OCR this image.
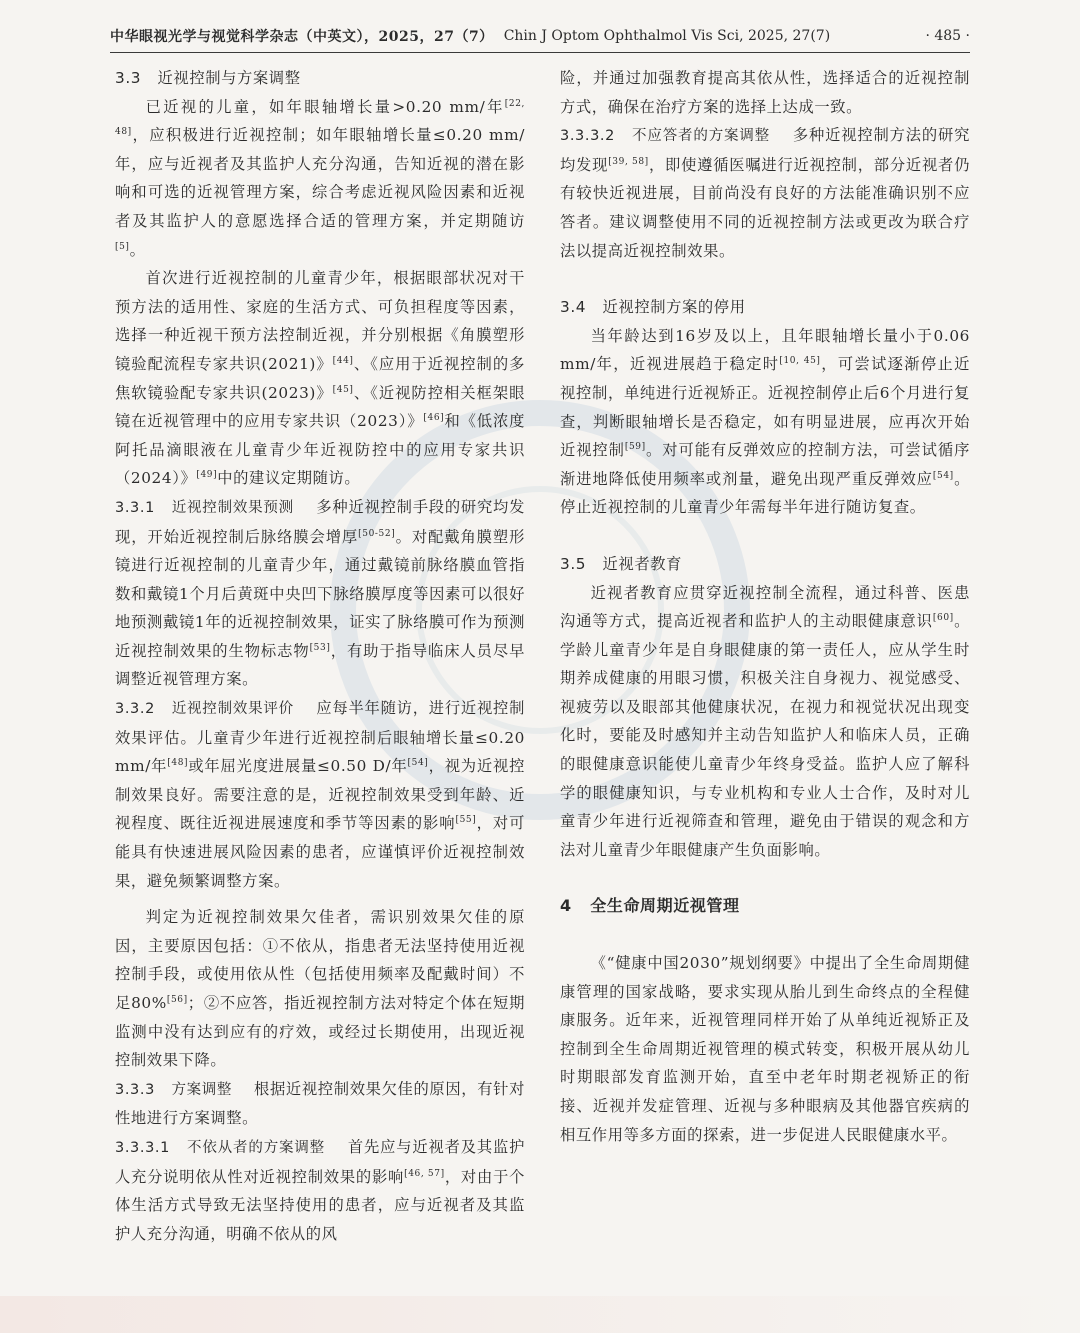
中华眼视光学与视觉科学杂志（中英文），2025，27（7） Chin J Optom Ophthalmol Vis Sci, 2025, 27(7)	· 485 ·

3.3 近视控制与方案调整

已近视的儿童，如年眼轴增长量>0.20 mm/年[22, 48]，应积极进行近视控制；如年眼轴增长量≤0.20 mm/年，应与近视者及其监护人充分沟通，告知近视的潜在影响和可选的近视管理方案，综合考虑近视风险因素和近视者及其监护人的意愿选择合适的管理方案，并定期随访[5]。

首次进行近视控制的儿童青少年，根据眼部状况对干预方法的适用性、家庭的生活方式、可负担程度等因素，选择一种近视干预方法控制近视，并分别根据《角膜塑形镜验配流程专家共识(2021)》[44]、《应用于近视控制的多焦软镜验配专家共识(2023)》[45]、《近视防控相关框架眼镜在近视管理中的应用专家共识（2023）》[46]和《低浓度阿托品滴眼液在儿童青少年近视防控中的应用专家共识（2024）》[49]中的建议定期随访。

3.3.1 近视控制效果预测 多种近视控制手段的研究均发现，开始近视控制后脉络膜会增厚[50-52]。对配戴角膜塑形镜进行近视控制的儿童青少年，通过戴镜前脉络膜血管指数和戴镜1个月后黄斑中央凹下脉络膜厚度等因素可以很好地预测戴镜1年的近视控制效果，证实了脉络膜可作为预测近视控制效果的生物标志物[53]，有助于指导临床人员尽早调整近视管理方案。

3.3.2 近视控制效果评价 应每半年随访，进行近视控制效果评估。儿童青少年进行近视控制后眼轴增长量≤0.20 mm/年[48]或年屈光度进展量≤0.50 D/年[54]，视为近视控制效果良好。需要注意的是，近视控制效果受到年龄、近视程度、既往近视进展速度和季节等因素的影响[55]，对可能具有快速进展风险因素的患者，应谨慎评价近视控制效果，避免频繁调整方案。

判定为近视控制效果欠佳者，需识别效果欠佳的原因，主要原因包括：①不依从，指患者无法坚持使用近视控制手段，或使用依从性（包括使用频率及配戴时间）不足80%[56]；②不应答，指近视控制方法对特定个体在短期监测中没有达到应有的疗效，或经过长期使用，出现近视控制效果下降。

3.3.3 方案调整 根据近视控制效果欠佳的原因，有针对性地进行方案调整。

3.3.3.1 不依从者的方案调整 首先应与近视者及其监护人充分说明依从性对近视控制效果的影响[46, 57]，对由于个体生活方式导致无法坚持使用的患者，应与近视者及其监护人充分沟通，明确不依从的风

险，并通过加强教育提高其依从性，选择适合的近视控制方式，确保在治疗方案的选择上达成一致。

3.3.3.2 不应答者的方案调整 多种近视控制方法的研究均发现[39, 58]，即使遵循医嘱进行近视控制，部分近视者仍有较快近视进展，目前尚没有良好的方法能准确识别不应答者。建议调整使用不同的近视控制方法或更改为联合疗法以提高近视控制效果。

3.4 近视控制方案的停用

当年龄达到16岁及以上，且年眼轴增长量小于0.06 mm/年，近视进展趋于稳定时[10, 45]，可尝试逐渐停止近视控制，单纯进行近视矫正。近视控制停止后6个月进行复查，判断眼轴增长是否稳定，如有明显进展，应再次开始近视控制[59]。对可能有反弹效应的控制方法，可尝试循序渐进地降低使用频率或剂量，避免出现严重反弹效应[54]。停止近视控制的儿童青少年需每半年进行随访复查。

3.5 近视者教育

近视者教育应贯穿近视控制全流程，通过科普、医患沟通等方式，提高近视者和监护人的主动眼健康意识[60]。学龄儿童青少年是自身眼健康的第一责任人，应从学生时期养成健康的用眼习惯，积极关注自身视力、视觉感受、视疲劳以及眼部其他健康状况，在视力和视觉状况出现变化时，要能及时感知并主动告知监护人和临床人员，正确的眼健康意识能使儿童青少年终身受益。监护人应了解科学的眼健康知识，与专业机构和专业人士合作，及时对儿童青少年进行近视筛查和管理，避免由于错误的观念和方法对儿童青少年眼健康产生负面影响。

4 全生命周期近视管理

《“健康中国2030”规划纲要》中提出了全生命周期健康管理的国家战略，要求实现从胎儿到生命终点的全程健康服务。近年来，近视管理同样开始了从单纯近视矫正及控制到全生命周期近视管理的模式转变，积极开展从幼儿时期眼部发育监测开始，直至中老年时期老视矫正的衔接、近视并发症管理、近视与多种眼病及其他器官疾病的相互作用等多方面的探索，进一步促进人民眼健康水平。
